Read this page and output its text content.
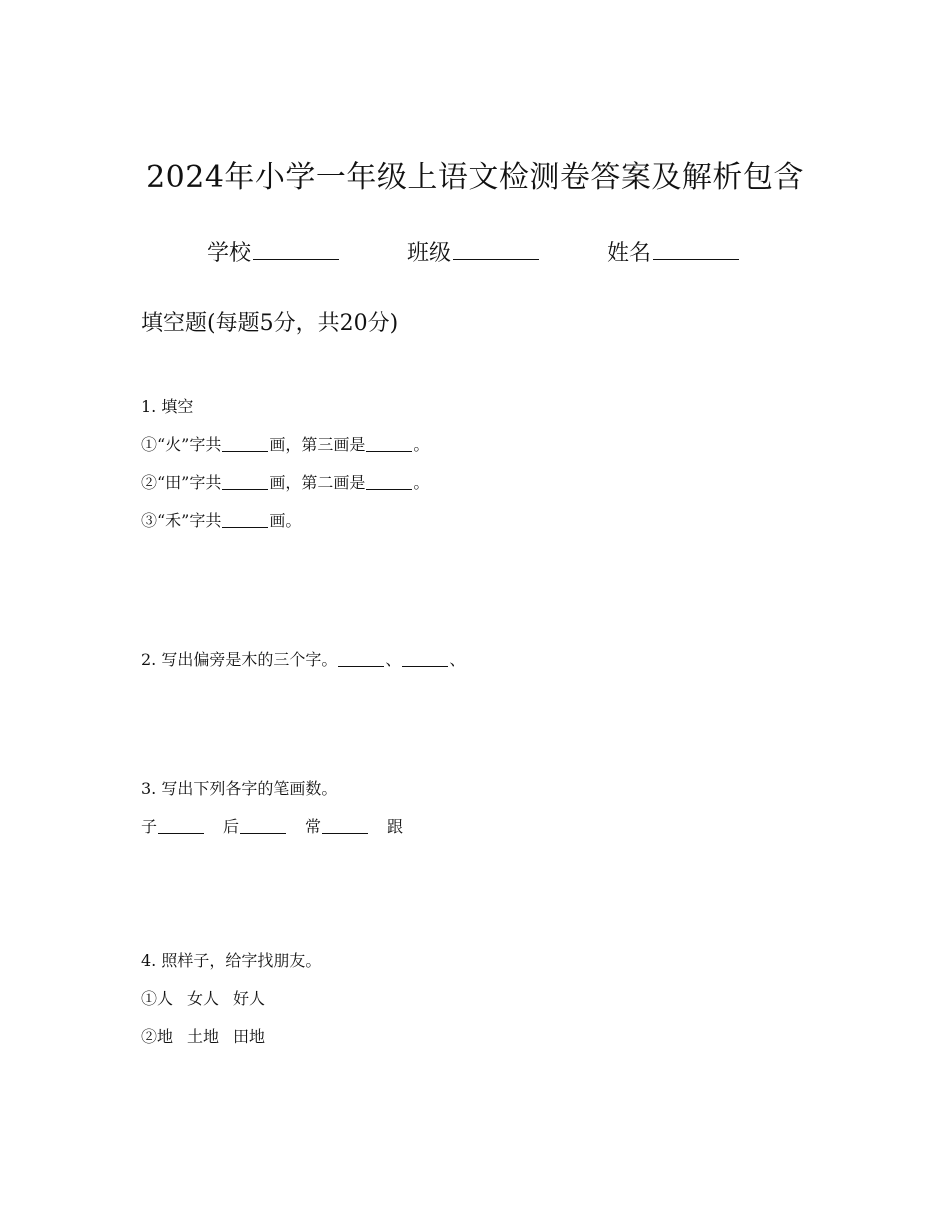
2024年小学一年级上语文检测卷答案及解析包含
学校	班级	姓名
填空题(每题5分，共20分)
1. 填空
①“火”字共	画，第三画是	。
②“田”字共	画，第二画是	。
③“禾”字共	画。
2. 写出偏旁是木的三个字。	、	、
3. 写出下列各字的笔画数。
子	后	常	跟
4. 照样子，给字找朋友。
①人 女人 好人
②地 土地 田地
